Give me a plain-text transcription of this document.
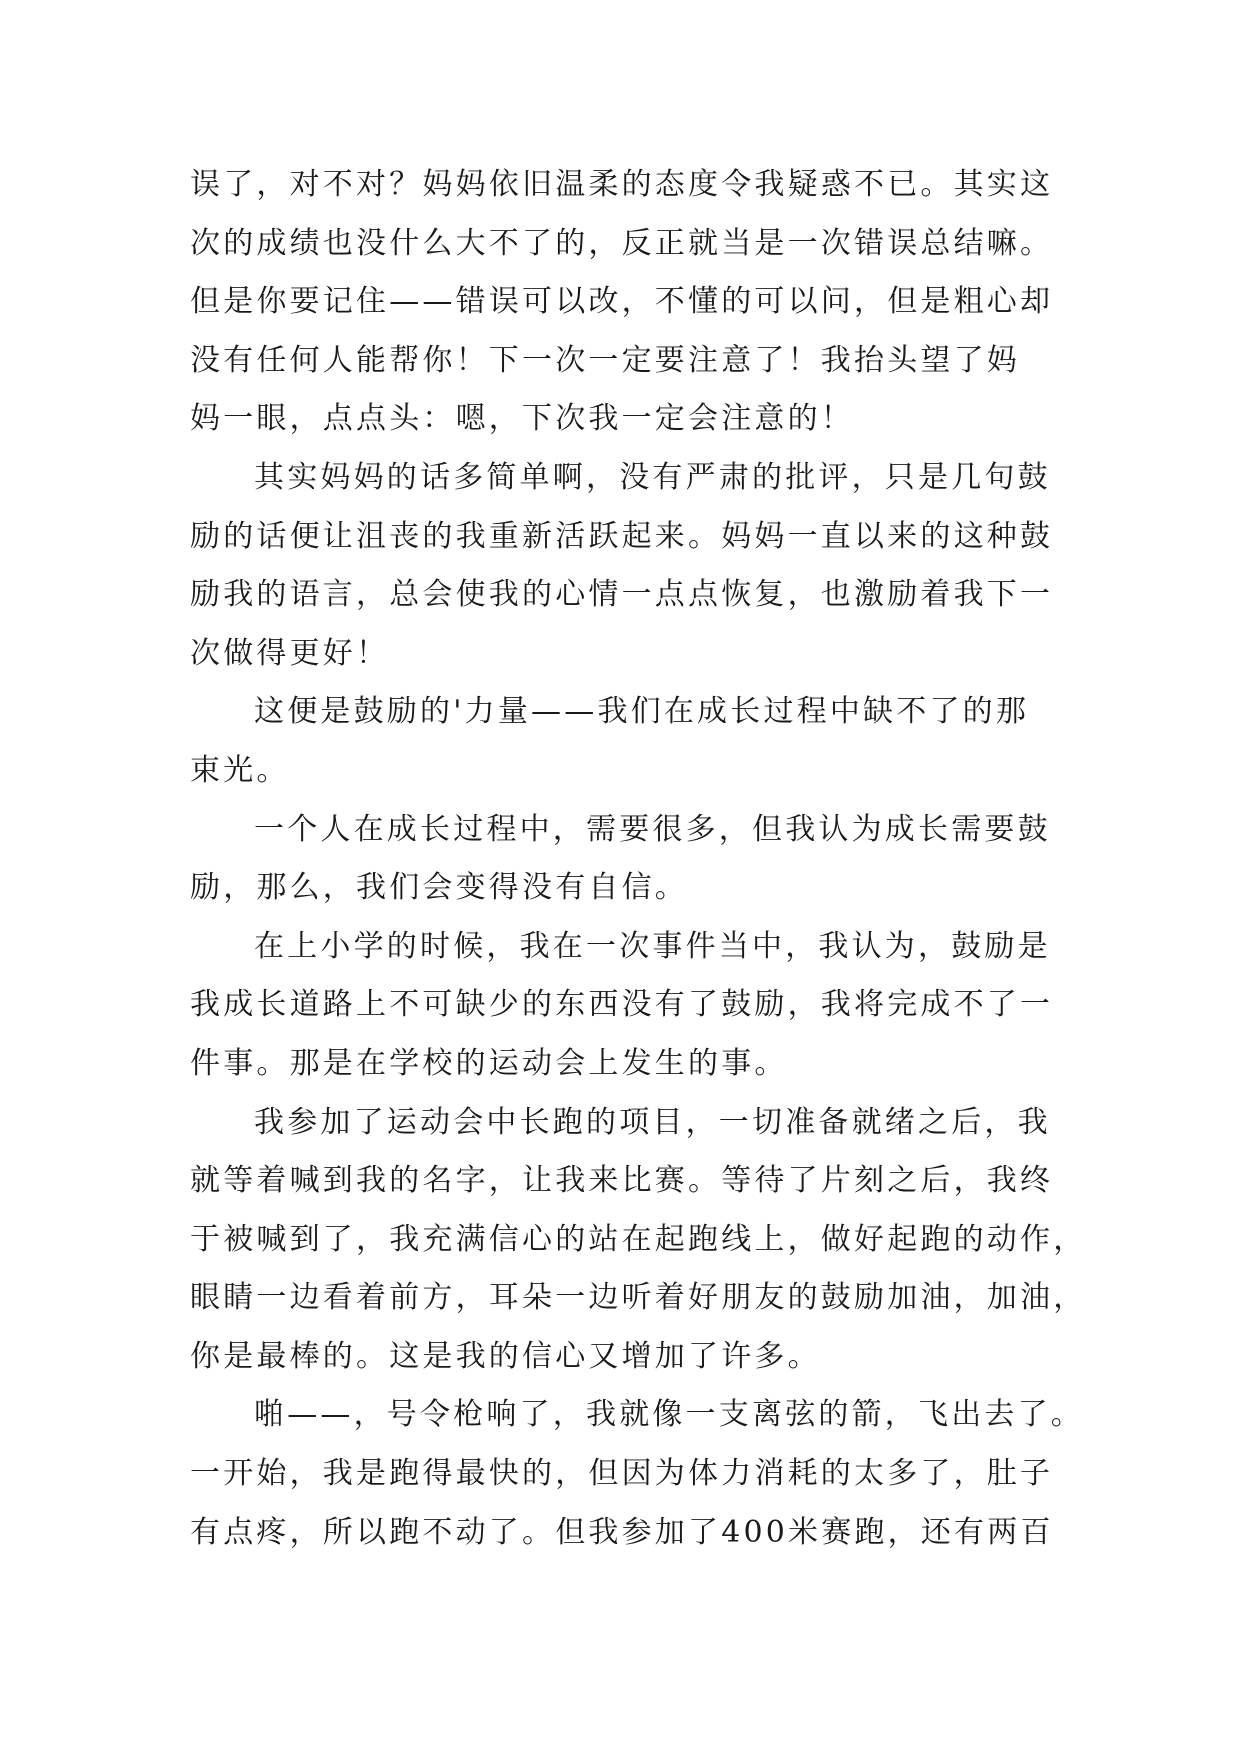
误了，对不对？妈妈依旧温柔的态度令我疑惑不已。其实这
次的成绩也没什么大不了的，反正就当是一次错误总结嘛。
但是你要记住——错误可以改，不懂的可以问，但是粗心却
没有任何人能帮你！下一次一定要注意了！我抬头望了妈
妈一眼，点点头：嗯，下次我一定会注意的！
其实妈妈的话多简单啊，没有严肃的批评，只是几句鼓
励的话便让沮丧的我重新活跃起来。妈妈一直以来的这种鼓
励我的语言，总会使我的心情一点点恢复，也激励着我下一
次做得更好！
这便是鼓励的'力量——我们在成长过程中缺不了的那
束光。
一个人在成长过程中，需要很多，但我认为成长需要鼓
励，那么，我们会变得没有自信。
在上小学的时候，我在一次事件当中，我认为，鼓励是
我成长道路上不可缺少的东西没有了鼓励，我将完成不了一
件事。那是在学校的运动会上发生的事。
我参加了运动会中长跑的项目，一切准备就绪之后，我
就等着喊到我的名字，让我来比赛。等待了片刻之后，我终
于被喊到了，我充满信心的站在起跑线上，做好起跑的动作，
眼睛一边看着前方，耳朵一边听着好朋友的鼓励加油，加油，
你是最棒的。这是我的信心又增加了许多。
啪——，号令枪响了，我就像一支离弦的箭，飞出去了。
一开始，我是跑得最快的，但因为体力消耗的太多了，肚子
有点疼，所以跑不动了。但我参加了400米赛跑，还有两百
